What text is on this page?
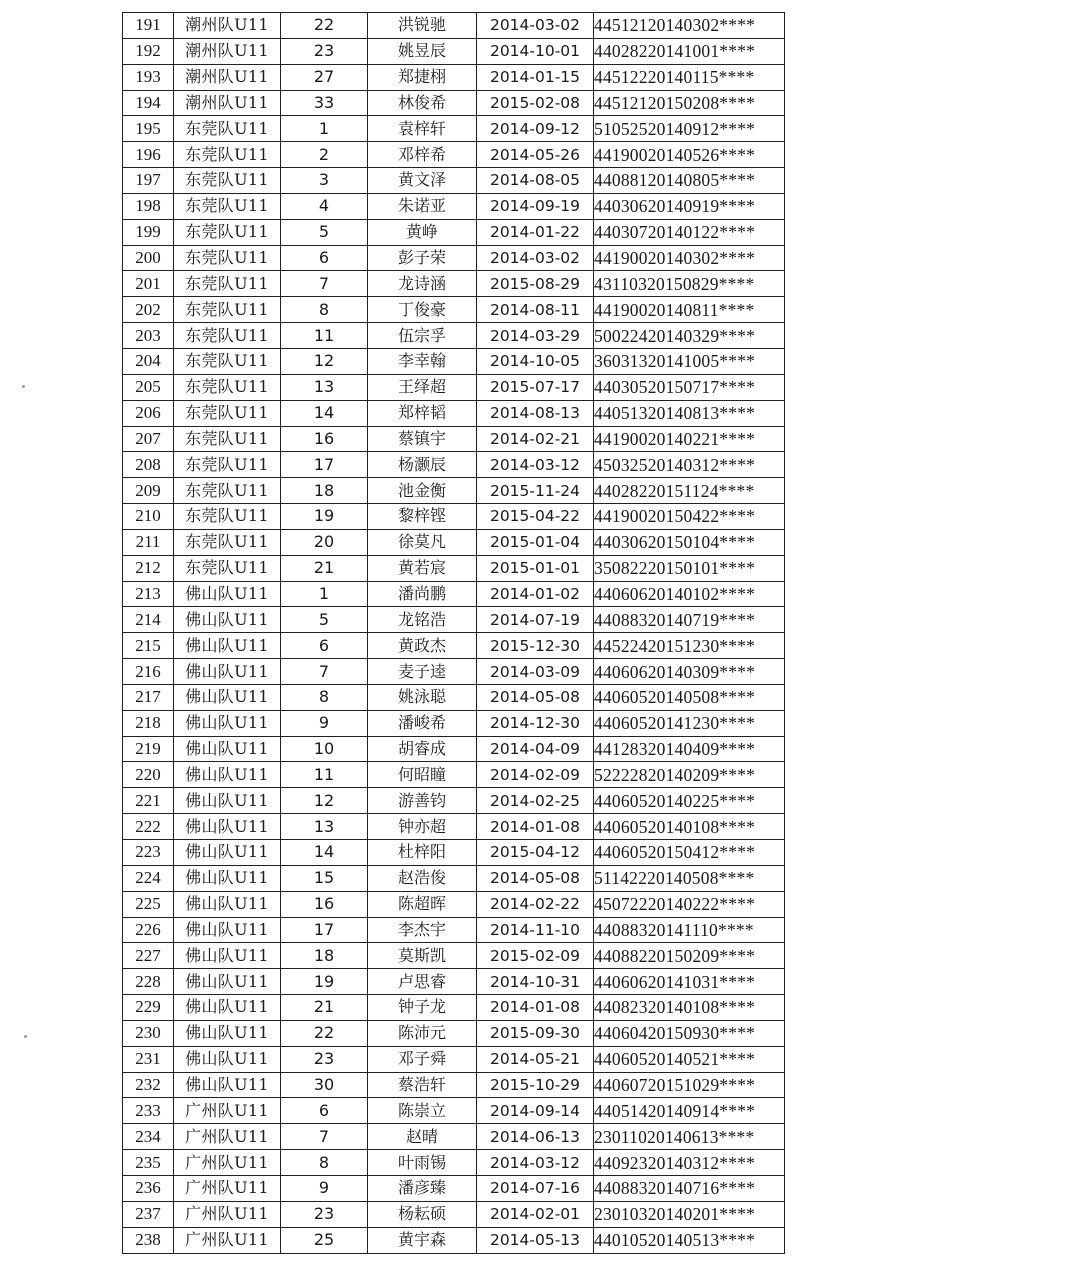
191	潮州队U11	22	洪锐驰	2014-03-02	44512120140302****
192	潮州队U11	23	姚昱辰	2014-10-01	44028220141001****
193	潮州队U11	27	郑捷栩	2014-01-15	44512220140115****
194	潮州队U11	33	林俊希	2015-02-08	44512120150208****
195	东莞队U11	1	袁梓轩	2014-09-12	51052520140912****
196	东莞队U11	2	邓梓希	2014-05-26	44190020140526****
197	东莞队U11	3	黄文泽	2014-08-05	44088120140805****
198	东莞队U11	4	朱诺亚	2014-09-19	44030620140919****
199	东莞队U11	5	黄峥	2014-01-22	44030720140122****
200	东莞队U11	6	彭子荣	2014-03-02	44190020140302****
201	东莞队U11	7	龙诗涵	2015-08-29	43110320150829****
202	东莞队U11	8	丁俊豪	2014-08-11	44190020140811****
203	东莞队U11	11	伍宗孚	2014-03-29	50022420140329****
204	东莞队U11	12	李幸翰	2014-10-05	36031320141005****
205	东莞队U11	13	王绎超	2015-07-17	44030520150717****
206	东莞队U11	14	郑梓韬	2014-08-13	44051320140813****
207	东莞队U11	16	蔡镇宇	2014-02-21	44190020140221****
208	东莞队U11	17	杨灏辰	2014-03-12	45032520140312****
209	东莞队U11	18	池金衡	2015-11-24	44028220151124****
210	东莞队U11	19	黎梓铿	2015-04-22	44190020150422****
211	东莞队U11	20	徐莫凡	2015-01-04	44030620150104****
212	东莞队U11	21	黄若宸	2015-01-01	35082220150101****
213	佛山队U11	1	潘尚鹏	2014-01-02	44060620140102****
214	佛山队U11	5	龙铭浩	2014-07-19	44088320140719****
215	佛山队U11	6	黄政杰	2015-12-30	44522420151230****
216	佛山队U11	7	麦子逵	2014-03-09	44060620140309****
217	佛山队U11	8	姚泳聪	2014-05-08	44060520140508****
218	佛山队U11	9	潘峻希	2014-12-30	44060520141230****
219	佛山队U11	10	胡睿成	2014-04-09	44128320140409****
220	佛山队U11	11	何昭瞳	2014-02-09	52222820140209****
221	佛山队U11	12	游善钧	2014-02-25	44060520140225****
222	佛山队U11	13	钟亦超	2014-01-08	44060520140108****
223	佛山队U11	14	杜梓阳	2015-04-12	44060520150412****
224	佛山队U11	15	赵浩俊	2014-05-08	51142220140508****
225	佛山队U11	16	陈超晖	2014-02-22	45072220140222****
226	佛山队U11	17	李杰宇	2014-11-10	44088320141110****
227	佛山队U11	18	莫斯凯	2015-02-09	44088220150209****
228	佛山队U11	19	卢思睿	2014-10-31	44060620141031****
229	佛山队U11	21	钟子龙	2014-01-08	44082320140108****
230	佛山队U11	22	陈沛元	2015-09-30	44060420150930****
231	佛山队U11	23	邓子舜	2014-05-21	44060520140521****
232	佛山队U11	30	蔡浩轩	2015-10-29	44060720151029****
233	广州队U11	6	陈崇立	2014-09-14	44051420140914****
234	广州队U11	7	赵晴	2014-06-13	23011020140613****
235	广州队U11	8	叶雨锡	2014-03-12	44092320140312****
236	广州队U11	9	潘彦臻	2014-07-16	44088320140716****
237	广州队U11	23	杨耘硕	2014-02-01	23010320140201****
238	广州队U11	25	黄宇森	2014-05-13	44010520140513****
